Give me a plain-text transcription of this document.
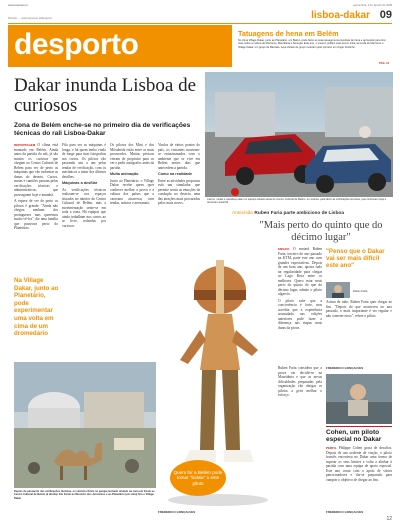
www.expresso.pt
Director: ... www.expresso.pt/desporto
quinta-feira, 3 de Janeiro de 2008
lisboa-dakar 09
desporto	Tatuagens de hena em Belém
No clima Village Dakar, junto ao Planetário, em Belém, pode fazer as suas tatuagens temporárias de hena e aproveitar para tirar mais sobre a cultura de Marrocos, Mauritânia e Senegal. Este ano, o mesmo público mais jovem tinha na tenda de Marrocos o Village Dakar, um grupo de Bamako. Aqui oficiais do grupo mostram pelo primeiro em cinger brazinho.
PÁG. 13
Dakar inunda Lisboa de curiosos
Zona de Belém enche-se no primeiro dia de verificações técnicas do rali Lisboa-Dakar
Carros, motas e camiões pulam no espaço situado atrás do Centro Cultural de Belém, em Lisboa, para fazer as verificações técnicas, que continuam hoje e terminam amanhã

REPORTAGEM O clima está montado em Belém. Ainda antes da partida do rali, já são muitos os curiosos que chegam ao Centro Cultural de Belém para ver de perto as máquinas que vão enfrentar as dunas do deserto. Carros, motas e camiões passam pelas verificações técnicas e administrativas, que prosseguem hoje e amanhã.

A espera de ver de perto os pilotos é grande: "Ainda não chegou nenhum dos portugueses mas queremos muito vê-los", diz uma família que passeava perto do Planetário.

Fila para ver as máquinas é longa, e há quem tenha vindo de longe para tirar fotografias aos carros. Os pilotos vão passando um a um pelas tendas de verificação, com os mecânicos a tratar dos últimos detalhes.

Máquinas a desfilar

As verificações técnicas realizam-se nos espaços situados no interior do Centro Cultural de Belém, mas a movimentação sente-se em toda a zona. Há equipas que ainda trabalham nos carros ao ar livre, rodeadas por curiosos.

Os pilotos dos Mini e dos Mitsubishi estão entre os mais procurados. Muitas pessoas vieram de propósito para os ver e pedir autógrafos antes da partida.

Muita animação

Junto ao Planetário, o Village Dakar recebe quem quer conhecer melhor a prova e a cultura dos países que a caravana atravessa, com tendas, música e artesanato.

Vindos de vários pontos do país, os visitantes mostram-se entusiasmados com o ambiente que se vive em Belém nestes dias que antecedem a partida.

Como na realidade

Entre as atividades propostas está um simulador que permite sentir as emoções da condução no deserto, uma das atrações mais procuradas pelos mais novos.

FREDERICO GONÇALVES
Na Village Dakar, junto ao Planetário, pode experimentar uma volta em cima de um dromedário
Depois de passarem nas verificações técnicas, os veículos ficam no parque fechado situado na zona em frente ao Centro Cultural de Belém (à direita). Em frente ao Mosteiro dos Jerónimos e ao Planetário (em cima) fica o Village Dakar
Quem for a Belém pode tomar "boleia" a este piloto
Antevisão Ruben Faria parte ambicioso de Lisboa
"Mais perto do quinto que do décimo lugar"

ENSAIO O motard Ruben Faria, terceiro do ano passado na KTM, parte este ano com grandes expectativas. Depois de um bom ano, aposta tudo na regularidade para chegar ao Lago Rosa entre os melhores. Quero estar mais perto do quinto do que do décimo lugar, admite o piloto algarvio.

O piloto sabe que a concorrência é forte, mas acredita que a experiência acumulada nas edições anteriores pode fazer a diferença nas etapas mais duras da prova.

"Penso que o Dakar vai ser mais difícil este ano"
Ruben Faria

Acima de tudo, Ruben Faria quer chegar ao fim. "Depois do que aconteceu no ano passado, o mais importante é ser regular e não cometer erros", refere o piloto.

Ruben Faria considera que a prova vai decidir-se na Mauritânia e que as novas dificuldades preparadas pela organização vão obrigar os pilotos a gerir melhor o esforço.

FREDERICO GONÇALVES
Cohen, um piloto especial no Dakar

PERFIL Philippe Cohen gosta de desafios. Depois de um acidente de viação, o piloto francês encontrou no Dakar uma forma de superar os seus limites e volta a alinhar à partida com uma equipa de apoio especial. Este ano conta com o apoio de vários patrocinadores e diz-se preparado para cumprir o objetivo de chegar ao fim.

FREDERICO GONÇALVES
12
